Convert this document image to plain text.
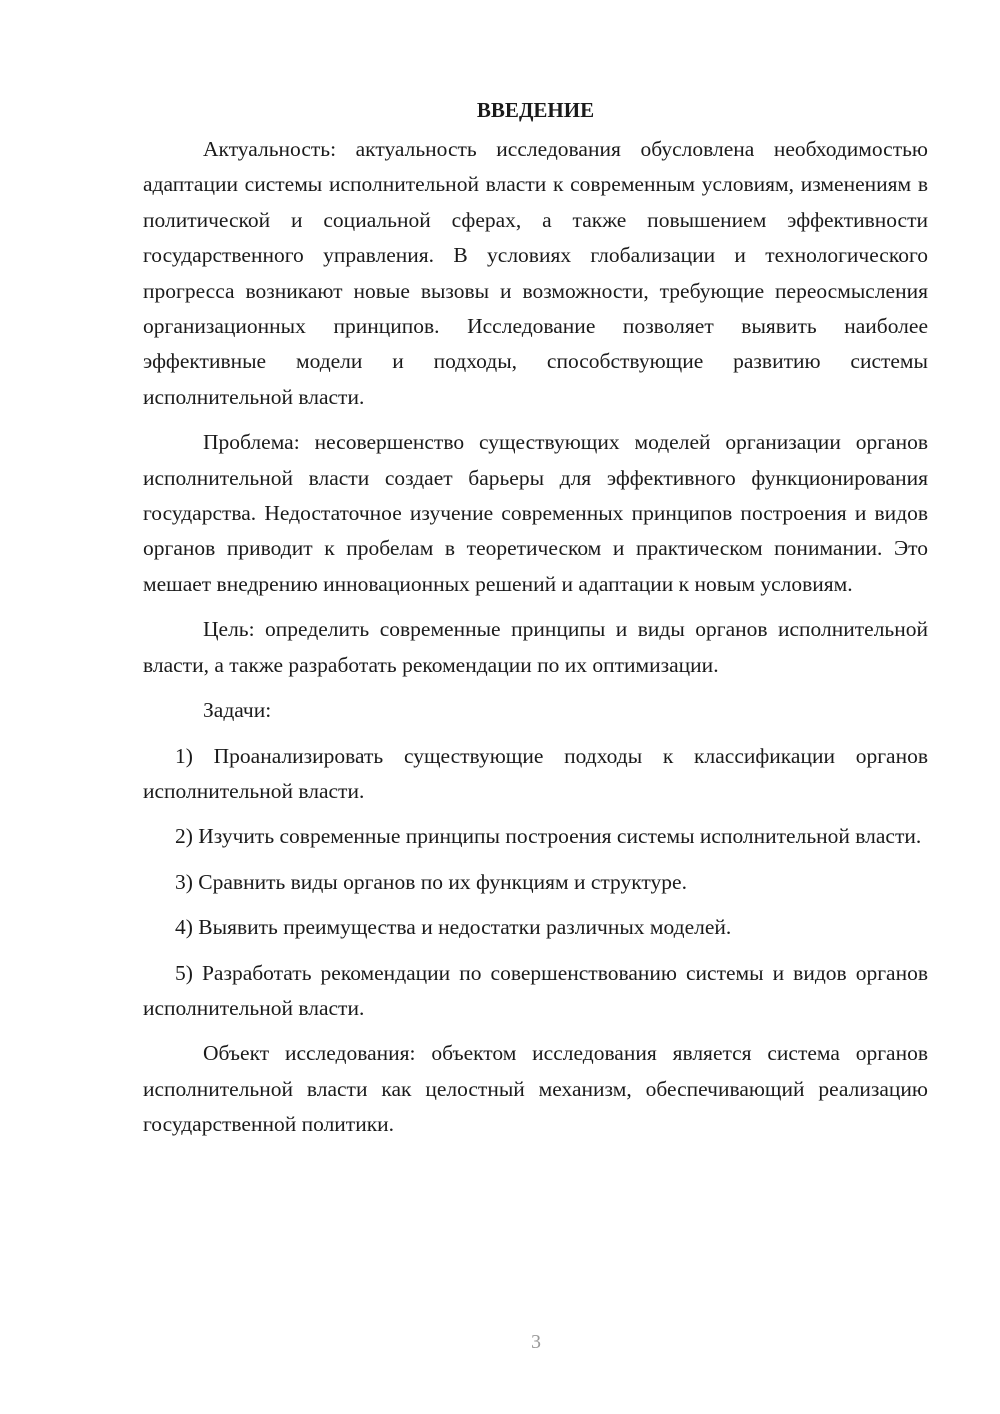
ВВЕДЕНИЕ

Актуальность: актуальность исследования обусловлена необходимостью адаптации системы исполнительной власти к современным условиям, изменениям в политической и социальной сферах, а также повышением эффективности государственного управления. В условиях глобализации и технологического прогресса возникают новые вызовы и возможности, требующие переосмысления организационных принципов. Исследование позволяет выявить наиболее эффективные модели и подходы, способствующие развитию системы исполнительной власти.

Проблема: несовершенство существующих моделей организации органов исполнительной власти создает барьеры для эффективного функционирования государства. Недостаточное изучение современных принципов построения и видов органов приводит к пробелам в теоретическом и практическом понимании. Это мешает внедрению инновационных решений и адаптации к новым условиям.

Цель: определить современные принципы и виды органов исполнительной власти, а также разработать рекомендации по их оптимизации.

Задачи:

1) Проанализировать существующие подходы к классификации органов исполнительной власти.

2) Изучить современные принципы построения системы исполнительной власти.

3) Сравнить виды органов по их функциям и структуре.

4) Выявить преимущества и недостатки различных моделей.

5) Разработать рекомендации по совершенствованию системы и видов органов исполнительной власти.

Объект исследования: объектом исследования является система органов исполнительной власти как целостный механизм, обеспечивающий реализацию государственной политики.

3
